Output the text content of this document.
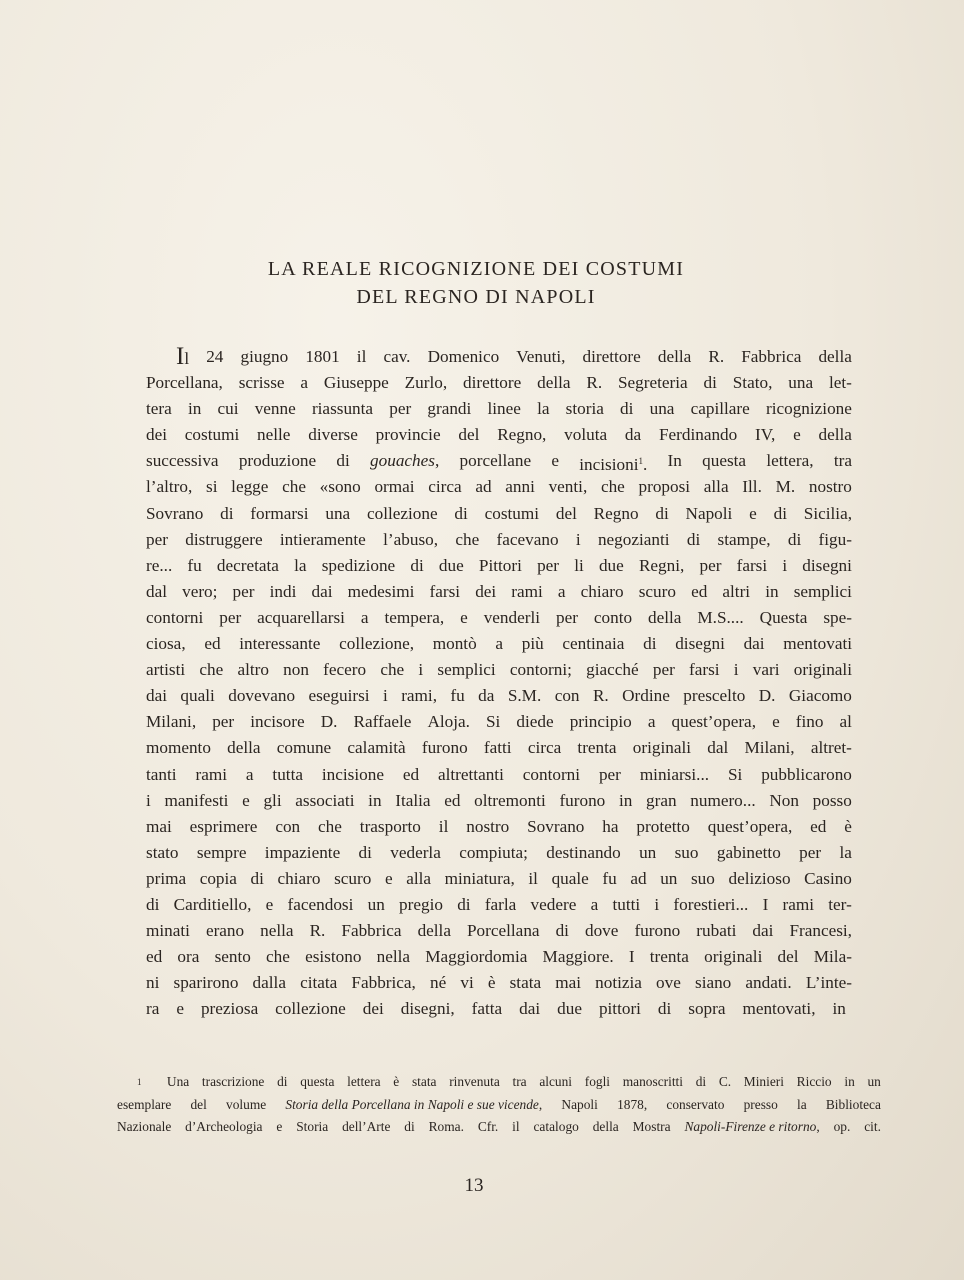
LA REALE RICOGNIZIONE DEI COSTUMI
DEL REGNO DI NAPOLI
Il 24 giugno 1801 il cav. Domenico Venuti, direttore della R. Fabbrica della
Porcellana, scrisse a Giuseppe Zurlo, direttore della R. Segreteria di Stato, una let-
tera in cui venne riassunta per grandi linee la storia di una capillare ricognizione
dei costumi nelle diverse provincie del Regno, voluta da Ferdinando IV, e della
successiva produzione di gouaches, porcellane e incisioni$^1$. In questa lettera, tra
l’altro, si legge che «sono ormai circa ad anni venti, che proposi alla Ill. M. nostro
Sovrano di formarsi una collezione di costumi del Regno di Napoli e di Sicilia,
per distruggere intieramente l’abuso, che facevano i negozianti di stampe, di figu-
re... fu decretata la spedizione di due Pittori per li due Regni, per farsi i disegni
dal vero; per indi dai medesimi farsi dei rami a chiaro scuro ed altri in semplici
contorni per acquarellarsi a tempera, e venderli per conto della M.S.... Questa spe-
ciosa, ed interessante collezione, montò a più centinaia di disegni dai mentovati
artisti che altro non fecero che i semplici contorni; giacché per farsi i vari originali
dai quali dovevano eseguirsi i rami, fu da S.M. con R. Ordine prescelto D. Giacomo
Milani, per incisore D. Raffaele Aloja. Si diede principio a quest’opera, e fino al
momento della comune calamità furono fatti circa trenta originali dal Milani, altret-
tanti rami a tutta incisione ed altrettanti contorni per miniarsi... Si pubblicarono
i manifesti e gli associati in Italia ed oltremonti furono in gran numero... Non posso
mai esprimere con che trasporto il nostro Sovrano ha protetto quest’opera, ed è
stato sempre impaziente di vederla compiuta; destinando un suo gabinetto per la
prima copia di chiaro scuro e alla miniatura, il quale fu ad un suo delizioso Casino
di Carditiello, e facendosi un pregio di farla vedere a tutti i forestieri... I rami ter-
minati erano nella R. Fabbrica della Porcellana di dove furono rubati dai Francesi,
ed ora sento che esistono nella Maggiordomia Maggiore. I trenta originali del Mila-
ni sparirono dalla citata Fabbrica, né vi è stata mai notizia ove siano andati. L’inte-
ra e preziosa collezione dei disegni, fatta dai due pittori di sopra mentovati, in
$^1$ Una trascrizione di questa lettera è stata rinvenuta tra alcuni fogli manoscritti di C. Minieri Riccio in un
esemplare del volume Storia della Porcellana in Napoli e sue vicende, Napoli 1878, conservato presso la Biblioteca
Nazionale d’Archeologia e Storia dell’Arte di Roma. Cfr. il catalogo della Mostra Napoli-Firenze e ritorno, op. cit.
13
